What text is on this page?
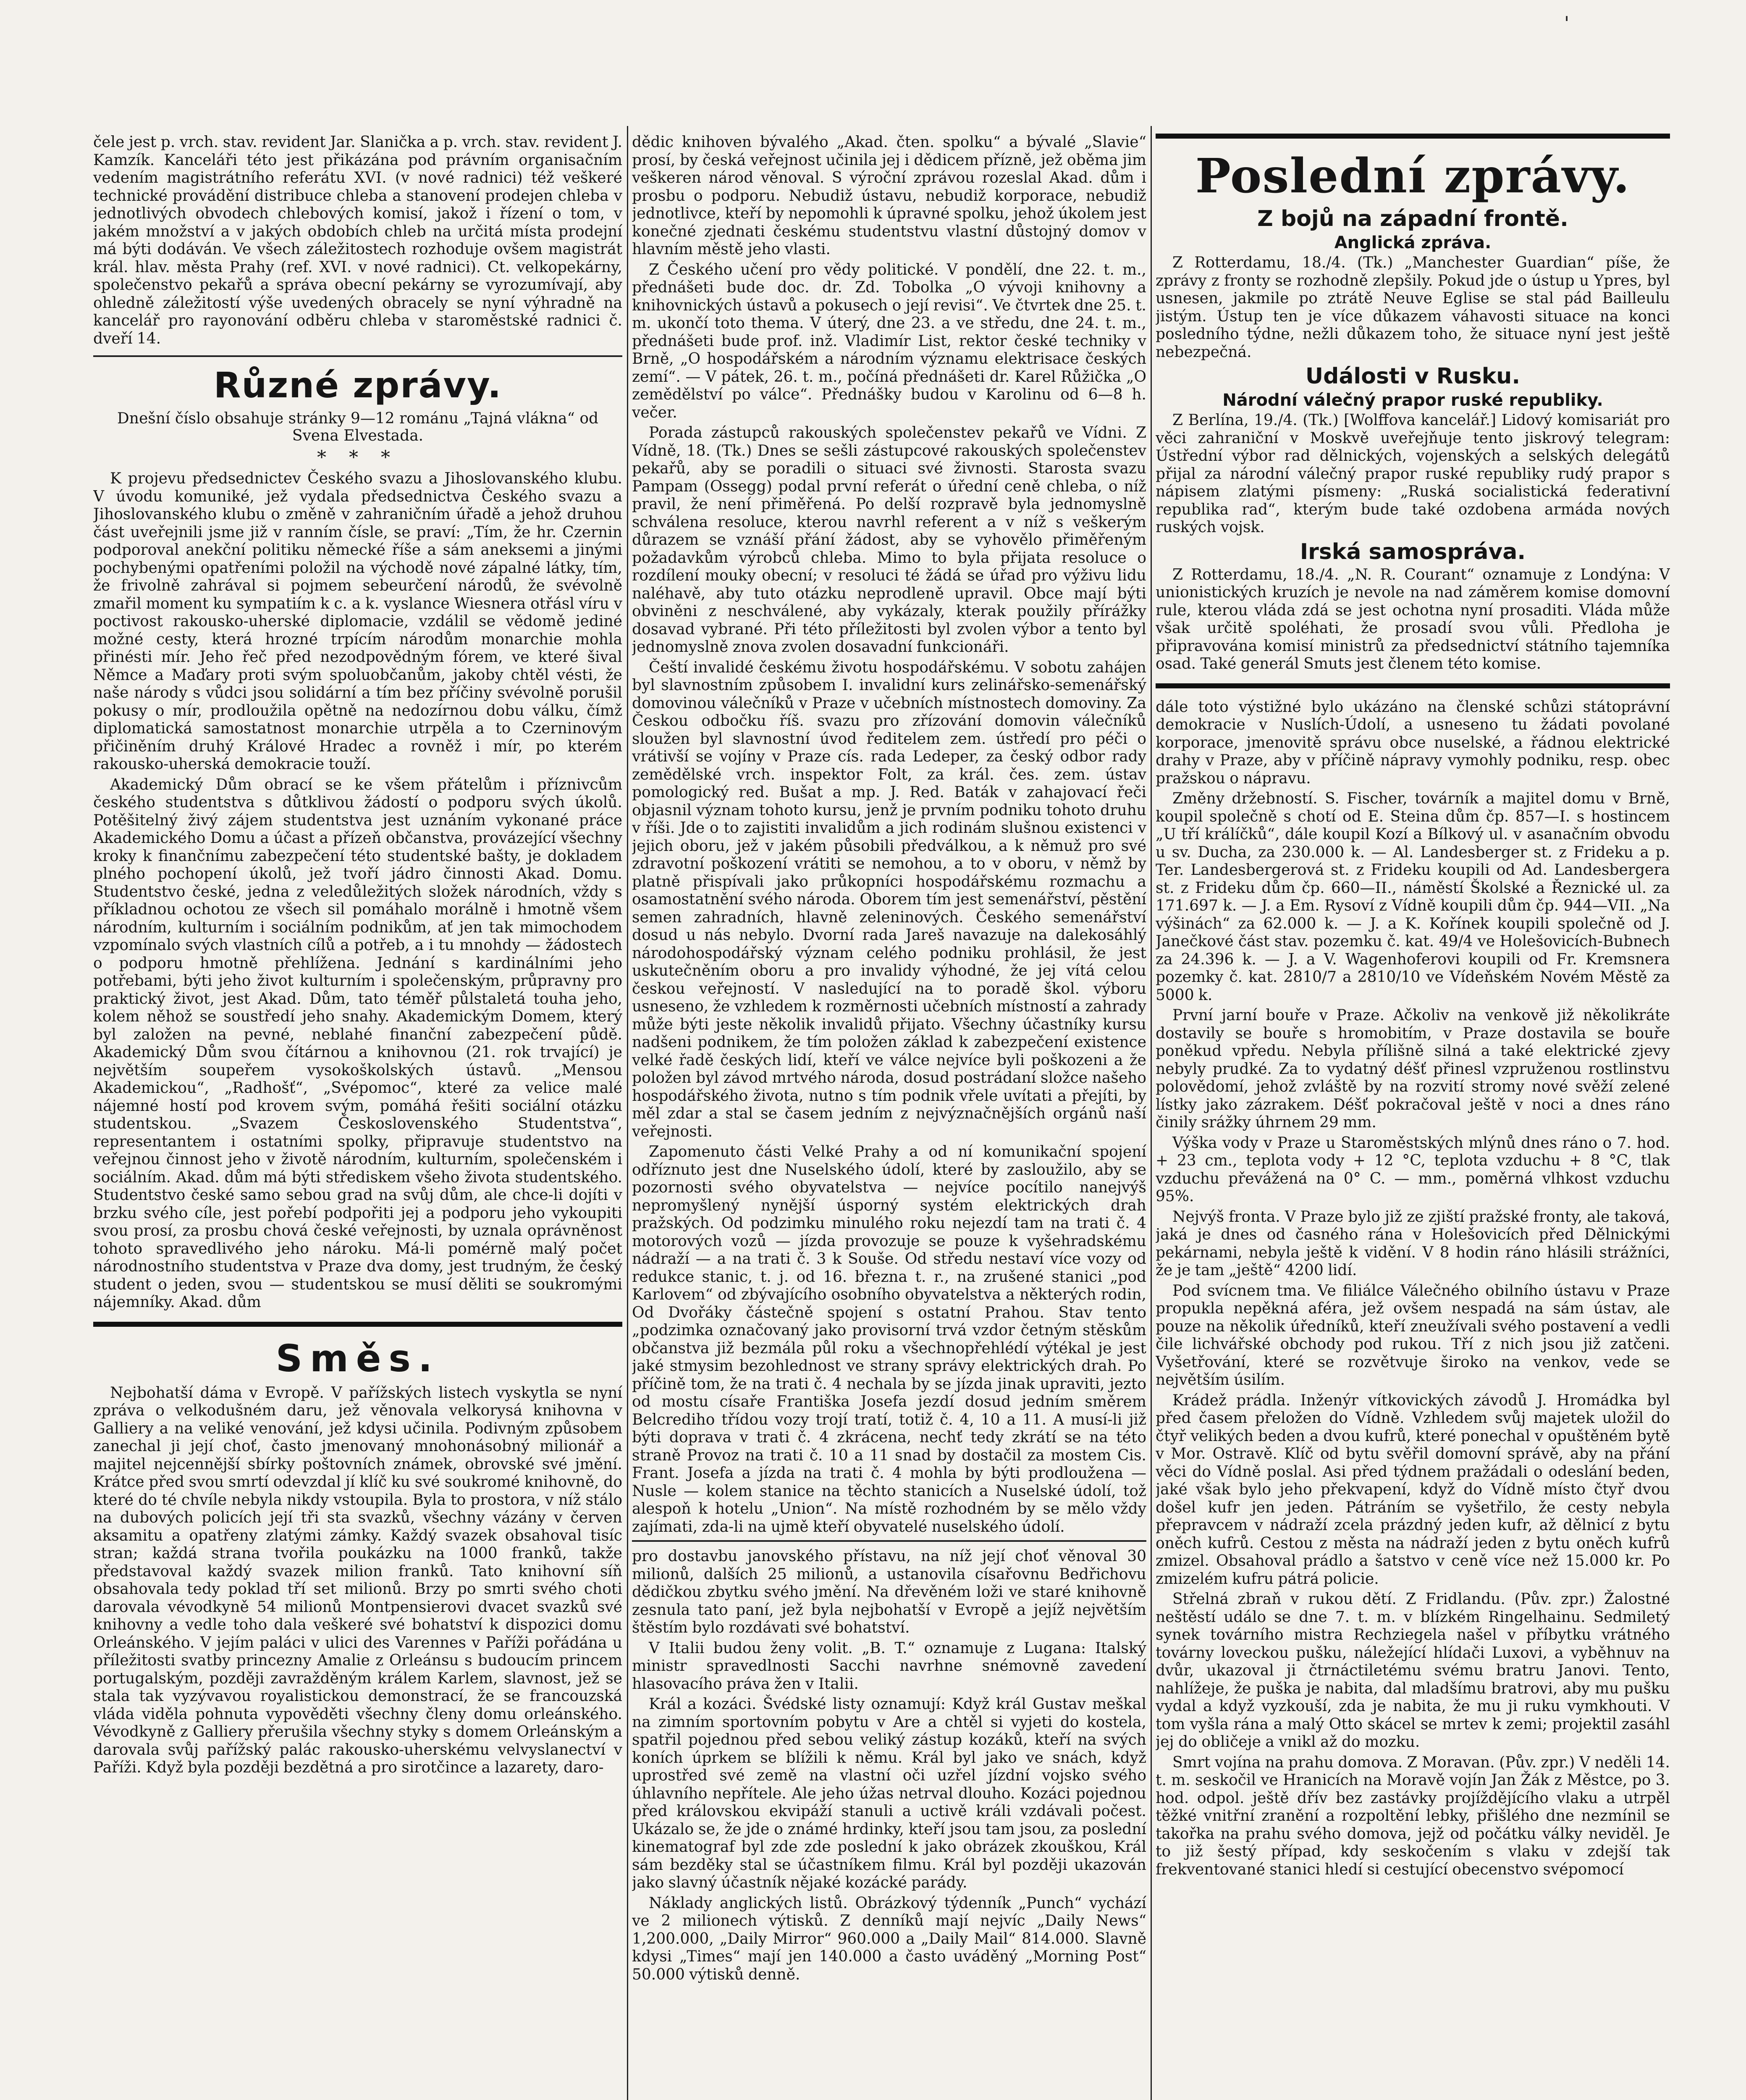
'

čele jest p. vrch. stav. revident Jar. Slanička a p. vrch. stav. revident J. Kamzík. Kanceláři této jest přikázána pod právním organisačním vedením magistrátního referátu XVI. (v nové radnici) též veškeré technické provádění distribuce chleba a stanovení prodejen chleba v jednotlivých obvodech chlebových komisí, jakož i řízení o tom, v jakém množství a v jakých obdobích chleb na určitá místa prodejní má býti dodáván. Ve všech záležitostech rozhoduje ovšem magistrát král. hlav. města Prahy (ref. XVI. v nové radnici). Ct. velkopekárny, společenstvo pekařů a správa obecní pekárny se vyrozumívají, aby ohledně záležitostí výše uvedených obracely se nyní výhradně na kancelář pro rayonování odběru chleba v staroměstské radnici č. dveří 14.

Různé zprávy.
Dnešní číslo obsahuje stránky 9—12 románu „Tajná vlákna“ od Svena Elvestada.
* * *

K projevu předsednictev Českého svazu a Jihoslovanského klubu. V úvodu komuniké, jež vydala předsednictva Českého svazu a Jihoslovanského klubu o změně v zahraničním úřadě a jehož druhou část uveřejnili jsme již v ranním čísle, se praví: „Tím, že hr. Czernin podporoval anekční politiku německé říše a sám aneksemi a jinými pochybenými opatřeními položil na východě nové zápalné látky, tím, že frivolně zahrával si pojmem sebeurčení národů, že svévolně zmařil moment ku sympatiím k c. a k. vyslance Wiesnera otřásl víru v poctivost rakousko-uherské diplomacie, vzdálil se vědomě jediné možné cesty, která hrozné trpícím národům monarchie mohla přinésti mír. Jeho řeč před nezodpovědným fórem, ve které šival Němce a Maďary proti svým spoluobčanům, jakoby chtěl vésti, že naše národy s vůdci jsou solidární a tím bez příčiny svévolně porušil pokusy o mír, prodloužila opětně na nedozírnou dobu válku, čímž diplomatická samostatnost monarchie utrpěla a to Czerninovým přičiněním druhý Králové Hradec a rovněž i mír, po kterém rakousko-uherská demokracie touží.

Akademický Dům obrací se ke všem přátelům i příznivcům českého studentstva s důtklivou žádostí o podporu svých úkolů. Potěšitelný živý zájem studentstva jest uznáním vykonané práce Akademického Domu a účast a přízeň občanstva, provázející všechny kroky k finančnímu zabezpečení této studentské bašty, je dokladem plného pochopení úkolů, jež tvoří jádro činnosti Akad. Domu. Studentstvo české, jedna z veledůležitých složek národních, vždy s příkladnou ochotou ze všech sil pomáhalo morálně i hmotně všem národním, kulturním i sociálním podnikům, ať jen tak mimochodem vzpomínalo svých vlastních cílů a potřeb, a i tu mnohdy — žádostech o podporu hmotně přehlížena. Jednání s kardinálními jeho potřebami, býti jeho život kulturním i společenským, průpravny pro praktický život, jest Akad. Dům, tato téměř půlstaletá touha jeho, kolem něhož se soustředí jeho snahy. Akademickým Domem, který byl založen na pevné, neblahé finanční zabezpečení půdě. Akademický Dům svou čítárnou a knihovnou (21. rok trvající) je největším soupeřem vysokoškolských ústavů. „Mensou Akademickou“, „Radhošť“, „Svépomoc“, které za velice malé nájemné hostí pod krovem svým, pomáhá řešiti sociální otázku studentskou. „Svazem Československého Studentstva“, representantem i ostatními spolky, připravuje studentstvo na veřejnou činnost jeho v životě národním, kulturním, společenském i sociálním. Akad. dům má býti střediskem všeho života studentského. Studentstvo české samo sebou grad na svůj dům, ale chce-li dojíti v brzku svého cíle, jest pořebí podpořiti jej a podporu jeho vykoupiti svou prosí, za prosbu chová české veřejnosti, by uznala oprávněnost tohoto spravedlivého jeho nároku. Má-li pomérně malý počet národnostního studentstva v Praze dva domy, jest trudným, že český student o jeden, svou — studentskou se musí děliti se soukromými nájemníky. Akad. dům

Směs.

Nejbohatší dáma v Evropě. V pařížských listech vyskytla se nyní zpráva o velkodušném daru, jež věnovala velkorysá knihovna v Galliery a na veliké venování, jež kdysi učinila. Podivným způsobem zanechal ji její choť, často jmenovaný mnohonásobný milionář a majitel nejcennější sbírky poštovních známek, obrovské své jmění. Krátce před svou smrtí odevzdal jí klíč ku své soukromé knihovně, do které do té chvíle nebyla nikdy vstoupila. Byla to prostora, v níž stálo na dubových policích její tři sta svazků, všechny vázány v červen aksamitu a opatřeny zlatými zámky. Každý svazek obsahoval tisíc stran; každá strana tvořila poukázku na 1000 franků, takže představoval každý svazek milion franků. Tato knihovní síň obsahovala tedy poklad tří set milionů. Brzy po smrti svého choti darovala vévodkyně 54 milionů Montpensierovi dvacet svazků své knihovny a vedle toho dala veškeré své bohatství k dispozici domu Orleánského. V jejím paláci v ulici des Varennes v Paříži pořádána u příležitosti svatby princezny Amalie z Orleánsu s budoucím princem portugalským, později zavražděným králem Karlem, slavnost, jež se stala tak vyzývavou royalistickou demonstrací, že se francouzská vláda viděla pohnuta vypověděti všechny členy domu orleánského. Vévodkyně z Galliery přerušila všechny styky s domem Orleánským a darovala svůj pařížský palác rakousko-uherskému velvyslanectví v Paříži. Když byla později bezdětná a pro sirotčince a lazarety, daro-

dědic knihoven bývalého „Akad. čten. spolku“ a bývalé „Slavie“ prosí, by česká veřejnost učinila jej i dědicem přízně, jež oběma jim veškeren národ věnoval. S výroční zprávou rozeslal Akad. dům i prosbu o podporu. Nebudiž ústavu, nebudiž korporace, nebudiž jednotlivce, kteří by nepomohli k úpravné spolku, jehož úkolem jest konečné zjednati českému studentstvu vlastní důstojný domov v hlavním městě jeho vlasti.

Z Českého učení pro vědy politické. V pondělí, dne 22. t. m., přednášeti bude doc. dr. Zd. Tobolka „O vývoji knihovny a knihovnických ústavů a pokusech o její revisi“. Ve čtvrtek dne 25. t. m. ukončí toto thema. V úterý, dne 23. a ve středu, dne 24. t. m., přednášeti bude prof. inž. Vladimír List, rektor české techniky v Brně, „O hospodářském a národním významu elektrisace českých zemí“. — V pátek, 26. t. m., počíná přednášeti dr. Karel Růžička „O zemědělství po válce“. Přednášky budou v Karolinu od 6—8 h. večer.

Porada zástupců rakouských společenstev pekařů ve Vídni. Z Vídně, 18. (Tk.) Dnes se sešli zástupcové rakouských společenstev pekařů, aby se poradili o situaci své živnosti. Starosta svazu Pampam (Ossegg) podal první referát o úřední ceně chleba, o níž pravil, že není přiměřená. Po delší rozpravě byla jednomyslně schválena resoluce, kterou navrhl referent a v níž s veškerým důrazem se vznáší přání žádost, aby se vyhovělo přiměřeným požadavkům výrobců chleba. Mimo to byla přijata resoluce o rozdílení mouky obecní; v resoluci té žádá se úřad pro výživu lidu naléhavě, aby tuto otázku neprodleně upravil. Obce mají býti obviněni z neschválené, aby vykázaly, kterak použily přírážky dosavad vybrané. Při této příležitosti byl zvolen výbor a tento byl jednomyslně znova zvolen dosavadní funkcionáři.

Čeští invalidé českému životu hospodářskému. V sobotu zahájen byl slavnostním způsobem I. invalidní kurs zelinářsko-semenářský domovinou válečníků v Praze v učebních místnostech domoviny. Za Českou odbočku říš. svazu pro zřízování domovin válečníků sloužen byl slavnostní úvod ředitelem zem. ústředí pro péči o vrátivší se vojíny v Praze cís. rada Ledeper, za český odbor rady zemědělské vrch. inspektor Folt, za král. čes. zem. ústav pomologický red. Bušat a mp. J. Red. Baták v zahajovací řeči objasnil význam tohoto kursu, jenž je prvním podniku tohoto druhu v říši. Jde o to zajistiti invalidům a jich rodinám slušnou existenci v jejich oboru, jež v jakém působili předválkou, a k němuž pro své zdravotní poškození vrátiti se nemohou, a to v oboru, v němž by platně přispívali jako průkopníci hospodářskému rozmachu a osamostatnění svého národa. Oborem tím jest semenářství, pěstění semen zahradních, hlavně zeleninových. Českého semenářství dosud u nás nebylo. Dvorní rada Jareš navazuje na dalekosáhlý národohospodářský význam celého podniku prohlásil, že jest uskutečněním oboru a pro invalidy výhodné, že jej vítá celou českou veřejností. V nasledující na to poradě škol. výboru usneseno, že vzhledem k rozměrnosti učebních místností a zahrady může býti jeste několik invalidů přijato. Všechny účastníky kursu nadšeni podnikem, že tím položen základ k zabezpečení existence velké řadě českých lidí, kteří ve válce nejvíce byli poškozeni a že položen byl závod mrtvého národa, dosud postrádaní složce našeho hospodářského života, nutno s tím podnik vřele uvítati a přejíti, by měl zdar a stal se časem jedním z nejvýznačnějších orgánů naší veřejnosti.

Zapomenuto části Velké Prahy a od ní komunikační spojení odříznuto jest dne Nuselského údolí, které by zasloužilo, aby se pozornosti svého obyvatelstva — nejvíce pocítilo nanejvýš nepromyšlený nynější úsporný systém elektrických drah pražských. Od podzimku minulého roku nejezdí tam na trati č. 4 motorových vozů — jízda provozuje se pouze k vyšehradskému nádraží — a na trati č. 3 k Souše. Od středu nestaví více vozy od redukce stanic, t. j. od 16. března t. r., na zrušené stanici „pod Karlovem“ od zbývajícího osobního obyvatelstva a některých rodin, Od Dvořáky částečně spojení s ostatní Prahou. Stav tento „podzimka označovaný jako provisorní trvá vzdor četným stěskům občanstva již bezmála půl roku a všechnopřehlédí výtékal je jest jaké stmysim bezohlednost ve strany správy elektrických drah. Po příčině tom, že na trati č. 4 nechala by se jízda jinak upraviti, jezto od mostu císaře Františka Josefa jezdí dosud jedním směrem Belcrediho třídou vozy trojí tratí, totiž č. 4, 10 a 11. A musí-li již býti doprava v trati č. 4 zkrácena, nechť tedy zkrátí se na této straně Provoz na trati č. 10 a 11 snad by dostačil za mostem Cis. Frant. Josefa a jízda na trati č. 4 mohla by býti prodloužena — Nusle — kolem stanice na těchto stanicích a Nuselské údolí, tož alespoň k hotelu „Union“. Na místě rozhodném by se mělo vždy zajímati, zda-li na ujmě kteří obyvatelé nuselského údolí.

pro dostavbu janovského přístavu, na níž její choť věnoval 30 milionů, dalších 25 milionů, a ustanovila císařovnu Bedřichovu dědičkou zbytku svého jmění. Na dřevěném loži ve staré knihovně zesnula tato paní, jež byla nejbohatší v Evropě a jejíž největším štěstím bylo rozdávati své bohatství.

V Italii budou ženy volit. „B. T.“ oznamuje z Lugana: Italský ministr spravedlnosti Sacchi navrhne snémovně zavedení hlasovacího práva žen v Italii.

Král a kozáci. Švédské listy oznamují: Když král Gustav meškal na zimním sportovním pobytu v Are a chtěl si vyjeti do kostela, spatřil pojednou před sebou veliký zástup kozáků, kteří na svých koních úprkem se blížili k němu. Král byl jako ve snách, když uprostřed své země na vlastní oči uzřel jízdní vojsko svého úhlavního nepřítele. Ale jeho úžas netrval dlouho. Kozáci pojednou před královskou ekvipáží stanuli a uctivě králi vzdávali počest. Ukázalo se, že jde o známé hrdinky, kteří jsou tam jsou, za poslední kinematograf byl zde zde poslední k jako obrázek zkouškou, Král sám bezděky stal se účastníkem filmu. Král byl později ukazován jako slavný účastník nějaké kozácké parády.

Náklady anglických listů. Obrázkový týdenník „Punch“ vychází ve 2 milionech výtisků. Z denníků mají nejvíc „Daily News“ 1,200.000, „Daily Mirror“ 960.000 a „Daily Mail“ 814.000. Slavně kdysi „Times“ mají jen 140.000 a často uváděný „Morning Post“ 50.000 výtisků denně.

Poslední zprávy.
Z bojů na západní frontě.
Anglická zpráva.

Z Rotterdamu, 18./4. (Tk.) „Manchester Guardian“ píše, že zprávy z fronty se rozhodně zlepšily. Pokud jde o ústup u Ypres, byl usnesen, jakmile po ztrátě Neuve Eglise se stal pád Bailleulu jistým. Ústup ten je více důkazem váhavosti situace na konci posledního týdne, nežli důkazem toho, že situace nyní jest ještě nebezpečná.

Události v Rusku.
Národní válečný prapor ruské republiky.

Z Berlína, 19./4. (Tk.) [Wolffova kancelář.] Lidový komisariát pro věci zahraniční v Moskvě uveřejňuje tento jiskrový telegram: Ústřední výbor rad dělnických, vojenských a selských delegátů přijal za národní válečný prapor ruské republiky rudý prapor s nápisem zlatými písmeny: „Ruská socialistická federativní republika rad“, kterým bude také ozdobena armáda nových ruských vojsk.

Irská samospráva.

Z Rotterdamu, 18./4. „N. R. Courant“ oznamuje z Londýna: V unionistických kruzích je nevole na nad záměrem komise domovní rule, kterou vláda zdá se jest ochotna nyní prosaditi. Vláda může však určitě spoléhati, že prosadí svou vůli. Předloha je připravována komisí ministrů za předsednictví státního tajemníka osad. Také generál Smuts jest členem této komise.

dále toto výstižné bylo ukázáno na členské schůzi státoprávní demokracie v Nuslích-Údolí, a usneseno tu žádati povolané korporace, jmenovitě správu obce nuselské, a řádnou elektrické drahy v Praze, aby v příčině nápravy vymohly podniku, resp. obec pražskou o nápravu.

Změny držebností. S. Fischer, továrník a majitel domu v Brně, koupil společně s chotí od E. Steina dům čp. 857—I. s hostincem „U tří králíčků“, dále koupil Kozí a Bílkový ul. v asanačním obvodu u sv. Ducha, za 230.000 k. — Al. Landesberger st. z Frideku a p. Ter. Landesbergerová st. z Frideku koupili od Ad. Landesbergera st. z Frideku dům čp. 660—II., náměstí Školské a Řeznické ul. za 171.697 k. — J. a Em. Rysoví z Vídně koupili dům čp. 944—VII. „Na výšinách“ za 62.000 k. — J. a K. Kořínek koupili společně od J. Janečkové část stav. pozemku č. kat. 49/4 ve Holešovicích-Bubnech za 24.396 k. — J. a V. Wagenhoferovi koupili od Fr. Kremsnera pozemky č. kat. 2810/7 a 2810/10 ve Vídeňském Novém Městě za 5000 k.

První jarní bouře v Praze. Ačkoliv na venkově již několikráte dostavily se bouře s hromobitím, v Praze dostavila se bouře poněkud vpředu. Nebyla přílišně silná a také elektrické zjevy nebyly prudké. Za to vydatný déšť přinesl vzpruženou rostlinstvu polovědomí, jehož zvláště by na rozvití stromy nové svěží zelené lístky jako zázrakem. Déšť pokračoval ještě v noci a dnes ráno činily srážky úhrnem 29 mm.

Výška vody v Praze u Staroměstských mlýnů dnes ráno o 7. hod. + 23 cm., teplota vody + 12 °C, teplota vzduchu + 8 °C, tlak vzduchu převážená na 0° C. — mm., poměrná vlhkost vzduchu 95%.

Nejvýš fronta. V Praze bylo již ze zjiští pražské fronty, ale taková, jaká je dnes od časného rána v Holešovicích před Dělnickými pekárnami, nebyla ještě k vidění. V 8 hodin ráno hlásili strážníci, že je tam „ještě“ 4200 lidí.

Pod svícnem tma. Ve filiálce Válečného obilního ústavu v Praze propukla nepěkná aféra, jež ovšem nespadá na sám ústav, ale pouze na několik úředníků, kteří zneužívali svého postavení a vedli čile lichvářské obchody pod rukou. Tří z nich jsou již zatčeni. Vyšetřování, které se rozvětvuje široko na venkov, vede se největším úsilím.

Krádež prádla. Inženýr vítkovických závodů J. Hromádka byl před časem přeložen do Vídně. Vzhledem svůj majetek uložil do čtyř velikých beden a dvou kufrů, které ponechal v opuštěném bytě v Mor. Ostravě. Klíč od bytu svěřil domovní správě, aby na přání věci do Vídně poslal. Asi před týdnem pražádali o odeslání beden, jaké však bylo jeho překvapení, když do Vídně místo čtyř dvou došel kufr jen jeden. Pátráním se vyšetřilo, že cesty nebyla přepravcem v nádraží zcela prázdný jeden kufr, až dělnicí z bytu oněch kufrů. Cestou z města na nádraží jeden z bytu oněch kufrů zmizel. Obsahoval prádlo a šatstvo v ceně více než 15.000 kr. Po zmizelém kufru pátrá policie.

Střelná zbraň v rukou dětí. Z Fridlandu. (Pův. zpr.) Žalostné neštěstí událo se dne 7. t. m. v blízkém Ringelhainu. Sedmiletý synek továrního mistra Rechziegela našel v příbytku vrátného továrny loveckou pušku, náležející hlídači Luxovi, a vyběhnuv na dvůr, ukazoval ji čtrnáctiletému svému bratru Janovi. Tento, nahlížeje, že puška je nabita, dal mladšímu bratrovi, aby mu pušku vydal a když vyzkouší, zda je nabita, že mu ji ruku vymkhouti. V tom vyšla rána a malý Otto skácel se mrtev k zemi; projektil zasáhl jej do obličeje a vnikl až do mozku.

Smrt vojína na prahu domova. Z Moravan. (Pův. zpr.) V neděli 14. t. m. seskočil ve Hranicích na Moravě vojín Jan Žák z Městce, po 3. hod. odpol. ještě dřív bez zastávky projíždějícího vlaku a utrpěl těžké vnitřní zranění a rozpoltění lebky, přišlého dne nezmínil se takořka na prahu svého domova, jejž od počátku války neviděl. Je to již šestý případ, kdy seskočením s vlaku v zdejší tak frekventované stanici hledí si cestující obecenstvo svépomocí
